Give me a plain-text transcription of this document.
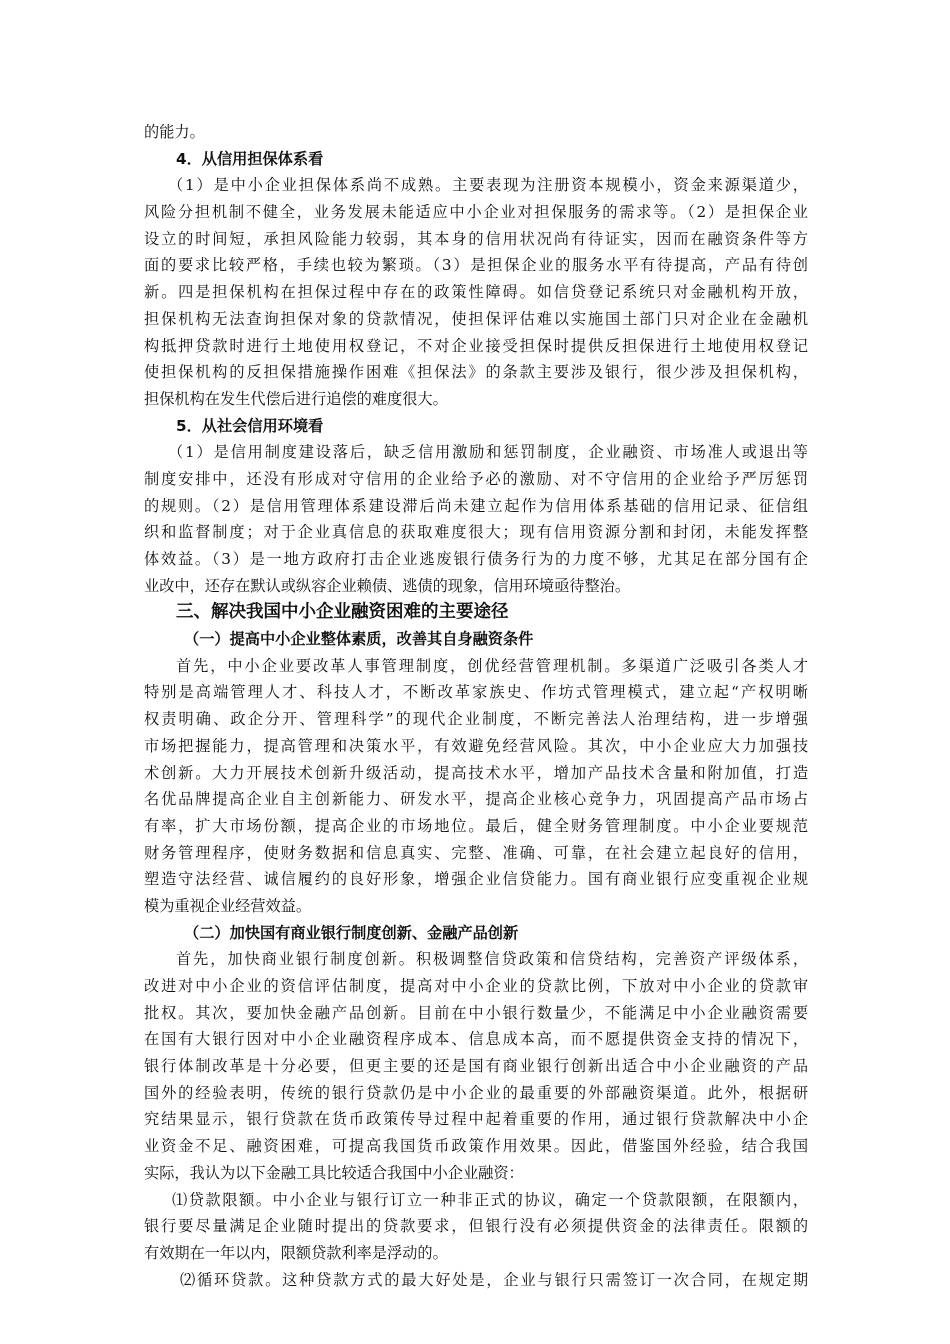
的能力。
4．从信用担保体系看
（1）是中小企业担保体系尚不成熟。主要表现为注册资本规模小，资金来源渠道少，
风险分担机制不健全，业务发展未能适应中小企业对担保服务的需求等。（2）是担保企业
设立的时间短，承担风险能力较弱，其本身的信用状况尚有待证实，因而在融资条件等方
面的要求比较严格，手续也较为繁琐。（3）是担保企业的服务水平有待提高，产品有待创
新。四是担保机构在担保过程中存在的政策性障碍。如信贷登记系统只对金融机构开放，
担保机构无法查询担保对象的贷款情况，使担保评估难以实施国土部门只对企业在金融机
构抵押贷款时进行土地使用权登记，不对企业接受担保时提供反担保进行土地使用权登记
使担保机构的反担保措施操作困难《担保法》的条款主要涉及银行，很少涉及担保机构，
担保机构在发生代偿后进行追偿的难度很大。
5．从社会信用环境看
（1）是信用制度建设落后，缺乏信用激励和惩罚制度，企业融资、市场准人或退出等
制度安排中，还没有形成对守信用的企业给予必的激励、对不守信用的企业给予严厉惩罚
的规则。（2）是信用管理体系建设滞后尚未建立起作为信用体系基础的信用记录、征信组
织和监督制度；对于企业真信息的获取难度很大；现有信用资源分割和封闭，未能发挥整
体效益。（3）是一地方政府打击企业逃废银行债务行为的力度不够，尤其足在部分国有企
业改中，还存在默认或纵容企业赖债、逃债的现象，信用环境亟待整治。
三、解决我国中小企业融资困难的主要途径
（一）提高中小企业整体素质，改善其自身融资条件
首先，中小企业要改革人事管理制度，创优经营管理机制。多渠道广泛吸引各类人才
特别是高端管理人才、科技人才，不断改革家族史、作坊式管理模式，建立起“产权明晰
权责明确、政企分开、管理科学”的现代企业制度，不断完善法人治理结构，进一步增强
市场把握能力，提高管理和决策水平，有效避免经营风险。其次，中小企业应大力加强技
术创新。大力开展技术创新升级活动，提高技术水平，增加产品技术含量和附加值，打造
名优品牌提高企业自主创新能力、研发水平，提高企业核心竞争力，巩固提高产品市场占
有率，扩大市场份额，提高企业的市场地位。最后，健全财务管理制度。中小企业要规范
财务管理程序，使财务数据和信息真实、完整、准确、可靠，在社会建立起良好的信用，
塑造守法经营、诚信履约的良好形象，增强企业信贷能力。国有商业银行应变重视企业规
模为重视企业经营效益。
（二）加快国有商业银行制度创新、金融产品创新
首先，加快商业银行制度创新。积极调整信贷政策和信贷结构，完善资产评级体系，
改进对中小企业的资信评估制度，提高对中小企业的贷款比例，下放对中小企业的贷款审
批权。其次，要加快金融产品创新。目前在中小银行数量少，不能满足中小企业融资需要
在国有大银行因对中小企业融资程序成本、信息成本高，而不愿提供资金支持的情况下，
银行体制改革是十分必要，但更主要的还是国有商业银行创新出适合中小企业融资的产品
国外的经验表明，传统的银行贷款仍是中小企业的最重要的外部融资渠道。此外，根据研
究结果显示，银行贷款在货币政策传导过程中起着重要的作用，通过银行贷款解决中小企
业资金不足、融资困难，可提高我国货币政策作用效果。因此，借鉴国外经验，结合我国
实际，我认为以下金融工具比较适合我国中小企业融资：
⑴贷款限额。中小企业与银行订立一种非正式的协议，确定一个贷款限额，在限额内，
银行要尽量满足企业随时提出的贷款要求，但银行没有必须提供资金的法律责任。限额的
有效期在一年以内，限额贷款利率是浮动的。
⑵循环贷款。这种贷款方式的最大好处是，企业与银行只需签订一次合同，在规定期
